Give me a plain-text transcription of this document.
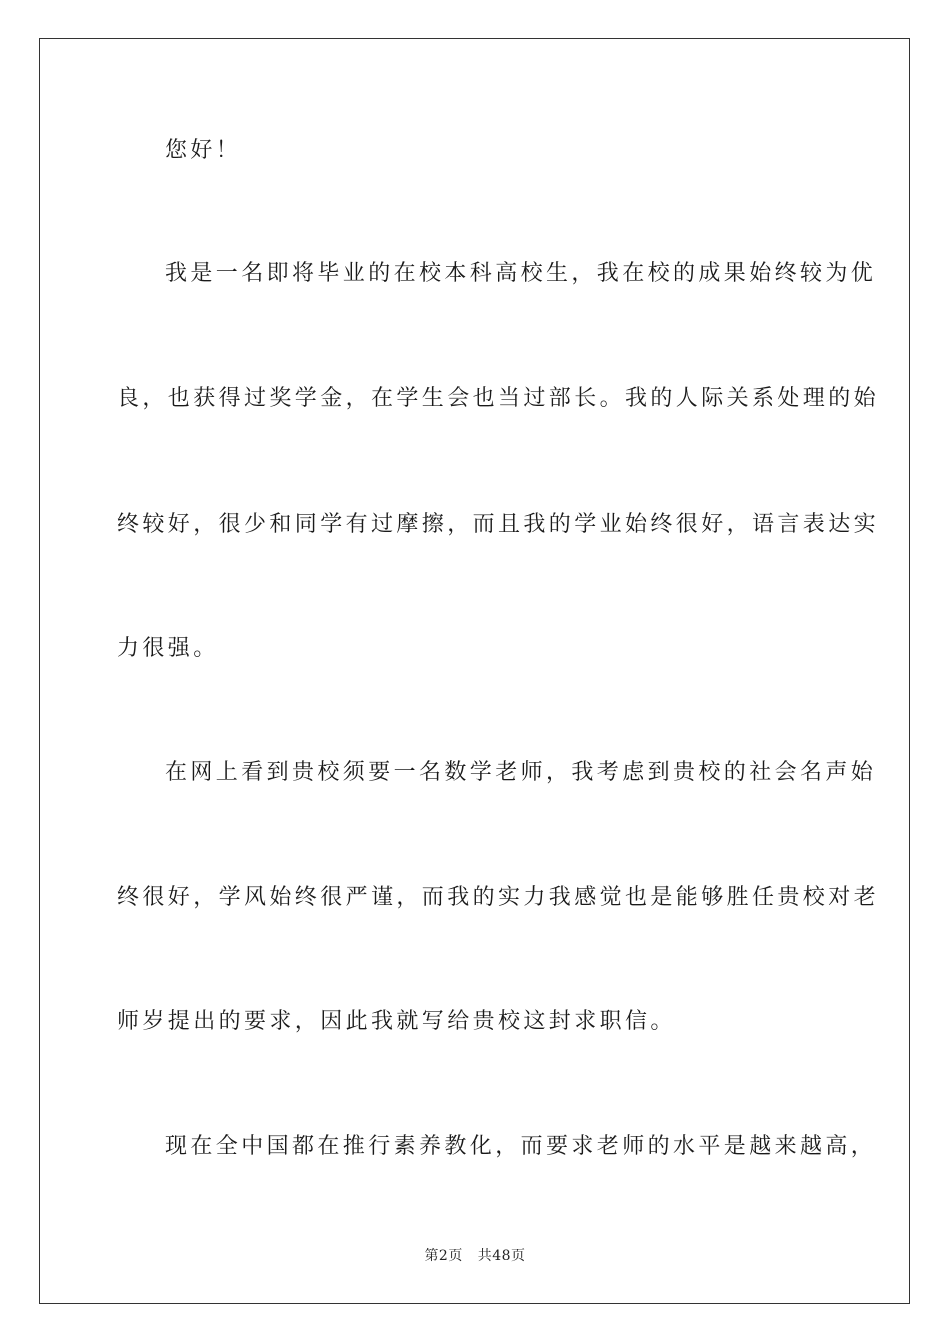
您好！
我是一名即将毕业的在校本科高校生，我在校的成果始终较为优
良，也获得过奖学金，在学生会也当过部长。我的人际关系处理的始
终较好，很少和同学有过摩擦，而且我的学业始终很好，语言表达实
力很强。
在网上看到贵校须要一名数学老师，我考虑到贵校的社会名声始
终很好，学风始终很严谨，而我的实力我感觉也是能够胜任贵校对老
师岁提出的要求，因此我就写给贵校这封求职信。
现在全中国都在推行素养教化，而要求老师的水平是越来越高，
第2页 共48页
